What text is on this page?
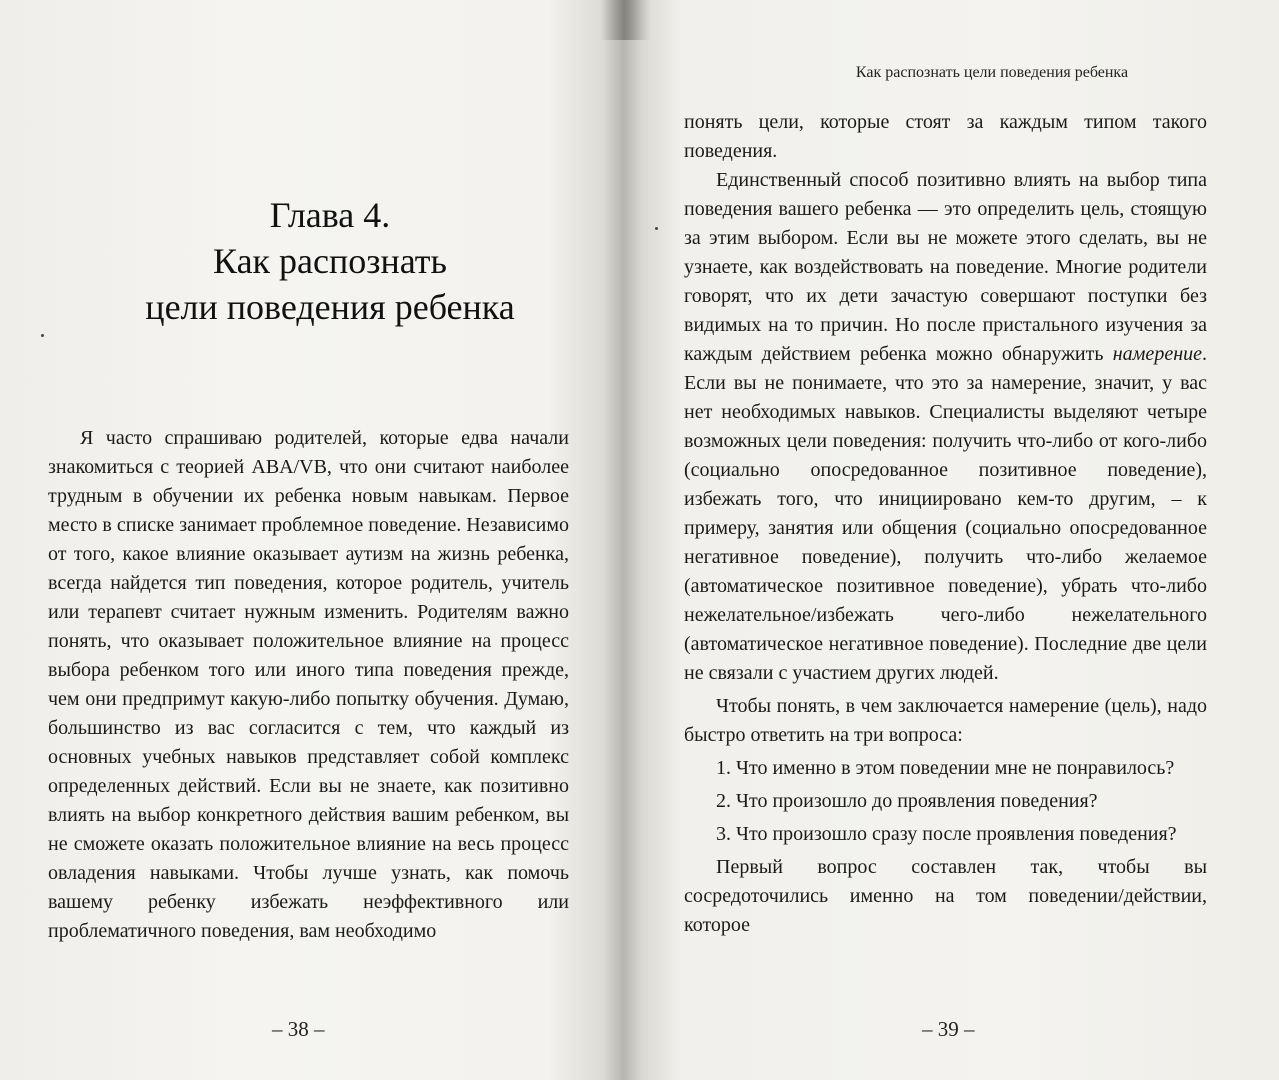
Глава 4.
Как распознать
цели поведения ребенка

Я часто спрашиваю родителей, которые едва начали знакомиться с теорией ABA/VB, что они считают наиболее трудным в обучении их ребенка новым навыкам. Первое место в списке занимает проблемное поведение. Независимо от того, какое влияние оказывает аутизм на жизнь ребенка, всегда найдется тип поведения, которое родитель, учитель или терапевт считает нужным изменить. Родителям важно понять, что оказывает положительное влияние на процесс выбора ребенком того или иного типа поведения прежде, чем они предпримут какую-либо попытку обучения. Думаю, большинство из вас согласится с тем, что каждый из основных учебных навыков представляет собой комплекс определенных действий. Если вы не знаете, как позитивно влиять на выбор конкретного действия вашим ребенком, вы не сможете оказать положительное влияние на весь процесс овладения навыками. Чтобы лучше узнать, как помочь вашему ребенку избежать неэффективного или проблематичного поведения, вам необходимо

– 38 –
Как распознать цели поведения ребенка

понять цели, которые стоят за каждым типом такого поведения.

Единственный способ позитивно влиять на выбор типа поведения вашего ребенка — это определить цель, стоящую за этим выбором. Если вы не можете этого сделать, вы не узнаете, как воздействовать на поведение. Многие родители говорят, что их дети зачастую совершают поступки без видимых на то причин. Но после пристального изучения за каждым действием ребенка можно обнаружить намерение. Если вы не понимаете, что это за намерение, значит, у вас нет необходимых навыков. Специалисты выделяют четыре возможных цели поведения: получить что-либо от кого-либо (социально опосредованное позитивное поведение), избежать того, что инициировано кем-то другим, – к примеру, занятия или общения (социально опосредованное негативное поведение), получить что-либо желаемое (автоматическое позитивное поведение), убрать что-либо нежелательное/избежать чего-либо нежелательного (автоматическое негативное поведение). Последние две цели не связали с участием других людей.

Чтобы понять, в чем заключается намерение (цель), надо быстро ответить на три вопроса:

1. Что именно в этом поведении мне не понравилось?

2. Что произошло до проявления поведения?

3. Что произошло сразу после проявления поведения?

Первый вопрос составлен так, чтобы вы сосредоточились именно на том поведении/действии, которое

– 39 –
